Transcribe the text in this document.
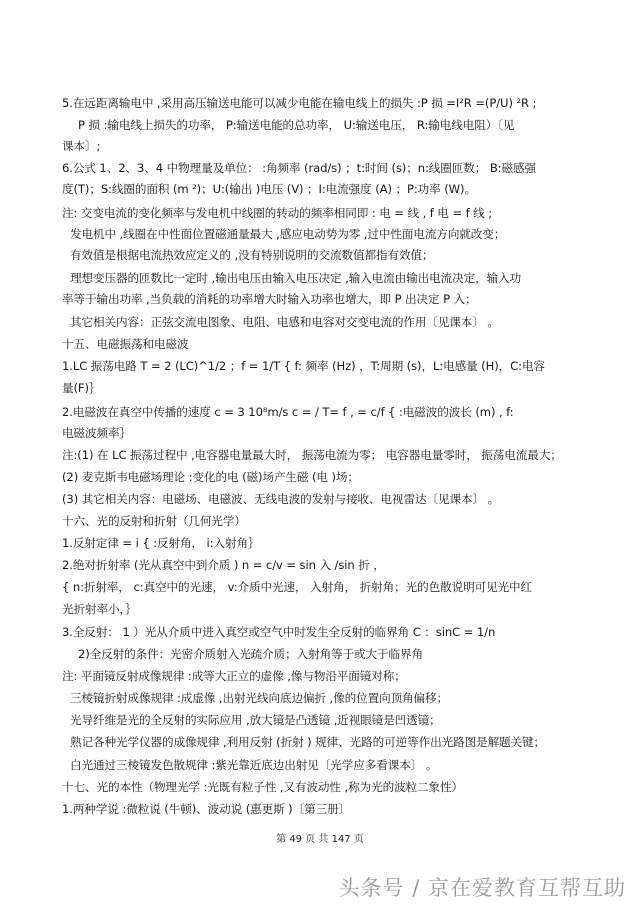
5.在远距离输电中 ,采用高压输送电能可以减少电能在输电线上的损失 :P 损 =I²R =(P/U) ²R ;
P 损 :输电线上损失的功率， P:输送电能的总功率， U:输送电压， R:输电线电阻）〔见
课本〕;
6.公式 1、2、3、4 中物理量及单位： :角频率 (rad/s) ；t:时间 (s)；n:线圈匝数； B:磁感强
度(T)；S:线圈的面积 (m ²)；U:(输出 )电压 (V) ；I:电流强度 (A) ；P:功率 (W)。
注: 交变电流的变化频率与发电机中线圈的转动的频率相同即 : 电 = 线 , f 电 = f 线 ;
发电机中 ,线圈在中性面位置磁通量最大 ,感应电动势为零 ,过中性面电流方向就改变；
有效值是根据电流热效应定义的 ,没有特别说明的交流数值都指有效值；
理想变压器的匝数比一定时 ,输出电压由输入电压决定 ,输入电流由输出电流决定，输入功
率等于输出功率 ,当负载的消耗的功率增大时输入功率也增大，即 P 出决定 P 入；
其它相关内容：正弦交流电图象、电阻、电感和电容对交变电流的作用〔见课本〕 。
十五、电磁振荡和电磁波
1.LC 振荡电路 T = 2 (LC)^1/2 ；f = 1/T { f: 频率 (Hz) ，T:周期 (s)，L:电感量 (H)，C:电容
量(F)｝
2.电磁波在真空中传播的速度 c = 3 10⁸m/s c = / T= f , = c/f { :电磁波的波长 (m) , f:
电磁波频率｝
注:(1) 在 LC 振荡过程中 ,电容器电量最大时， 振荡电流为零； 电容器电量零时， 振荡电流最大；
(2) 麦克斯韦电磁场理论 :变化的电 (磁)场产生磁 (电 )场；
(3) 其它相关内容：电磁场、电磁波、无线电波的发射与接收、电视雷达〔见课本〕 。
十六、光的反射和折射（几何光学）
1.反射定律 = i { :反射角， i:入射角｝
2.绝对折射率 (光从真空中到介质 ) n = c/v = sin 入 /sin 折 ，
{ n:折射率， c:真空中的光速， v:介质中光速， 入射角， 折射角；光的色散说明可见光中红
光折射率小，｝
3.全反射： 1 ）光从介质中进入真空或空气中时发生全反射的临界角 C ：sinC = 1/n
2)全反射的条件：光密介质射入光疏介质；入射角等于或大于临界角
注: 平面镜反射成像规律 :成等大正立的虚像 ,像与物沿平面镜对称；
三棱镜折射成像规律 :成虚像 ,出射光线向底边偏折 ,像的位置向顶角偏移；
光导纤维是光的全反射的实际应用 ,放大镜是凸透镜 ,近视眼镜是凹透镜；
熟记各种光学仪器的成像规律 ,利用反射 (折射 ) 规律、光路的可逆等作出光路图是解题关键；
白光通过三棱镜发色散规律 :紫光靠近底边出射见〔光学应多看课本〕 。
十七、光的本性（物理光学 :光既有粒子性 ,又有波动性 ,称为光的波粒二象性）
1.两种学说 :微粒说 (牛顿)、波动说 (惠更斯 )〔第三册〕
第 49 页 共 147 页
头条号 / 京在爱教育互帮互助
